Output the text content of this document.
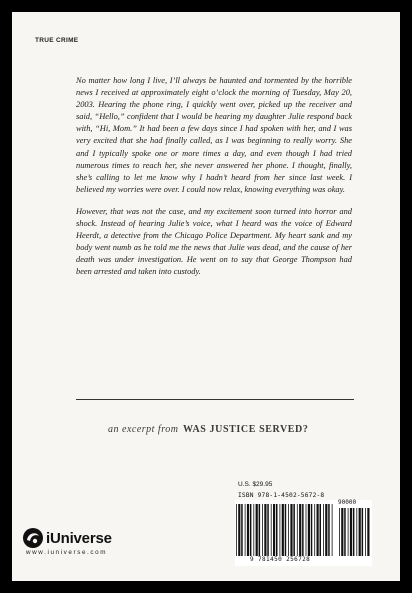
TRUE CRIME

No matter how long I live, I’ll always be haunted and tormented by the horrible news I received at approximately eight o’clock the morning of Tuesday, May 20, 2003. Hearing the phone ring, I quickly went over, picked up the receiver and said, “Hello,” confident that I would be hearing my daughter Julie respond back with, “Hi, Mom.” It had been a few days since I had spoken with her, and I was very excited that she had finally called, as I was beginning to really worry. She and I typically spoke one or more times a day, and even though I had tried numerous times to reach her, she never answered her phone. I thought, finally, she’s calling to let me know why I hadn’t heard from her since last week. I believed my worries were over. I could now relax, knowing everything was okay.

However, that was not the case, and my excitement soon turned into horror and shock. Instead of hearing Julie’s voice, what I heard was the voice of Edward Heerdt, a detective from the Chicago Police Department. My heart sank and my body went numb as he told me the news that Julie was dead, and the cause of her death was under investigation. He went on to say that George Thompson had been arrested and taken into custody.

an excerpt from WAS JUSTICE SERVED?
U.S. $29.95
ISBN 978-1-4502-5672-8
90000
9 781450 256728
iUniverse
www.iuniverse.com
